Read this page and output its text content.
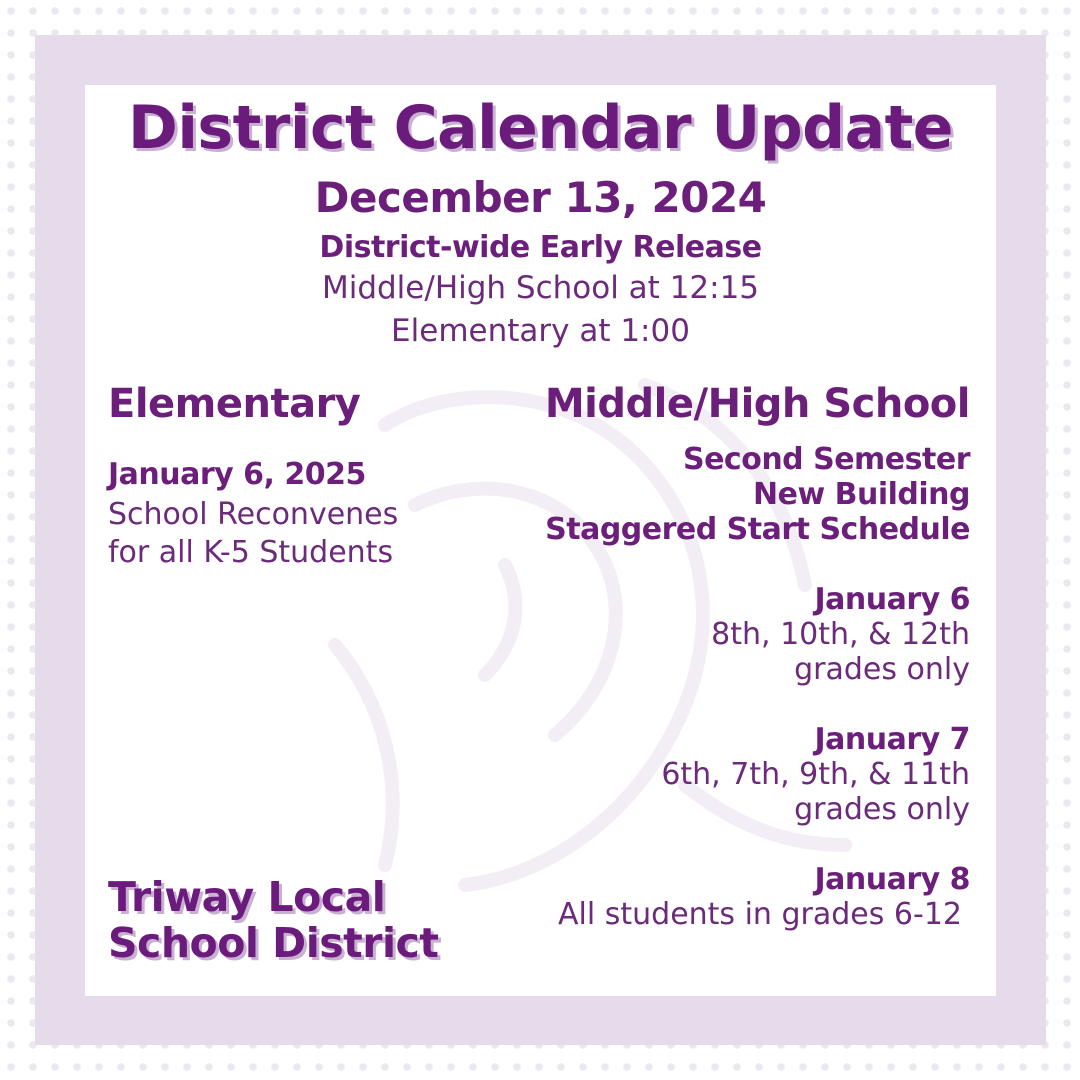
District Calendar Update
December 13, 2024
District-wide Early Release
Middle/High School at 12:15
Elementary at 1:00
Elementary
January 6, 2025
School Reconvenes
for all K-5 Students
Middle/High School
Second Semester
New Building
Staggered Start Schedule
January 6
8th, 10th, & 12th
grades only
January 7
6th, 7th, 9th, & 11th
grades only
January 8
All students in grades 6-12
Triway Local
School District
